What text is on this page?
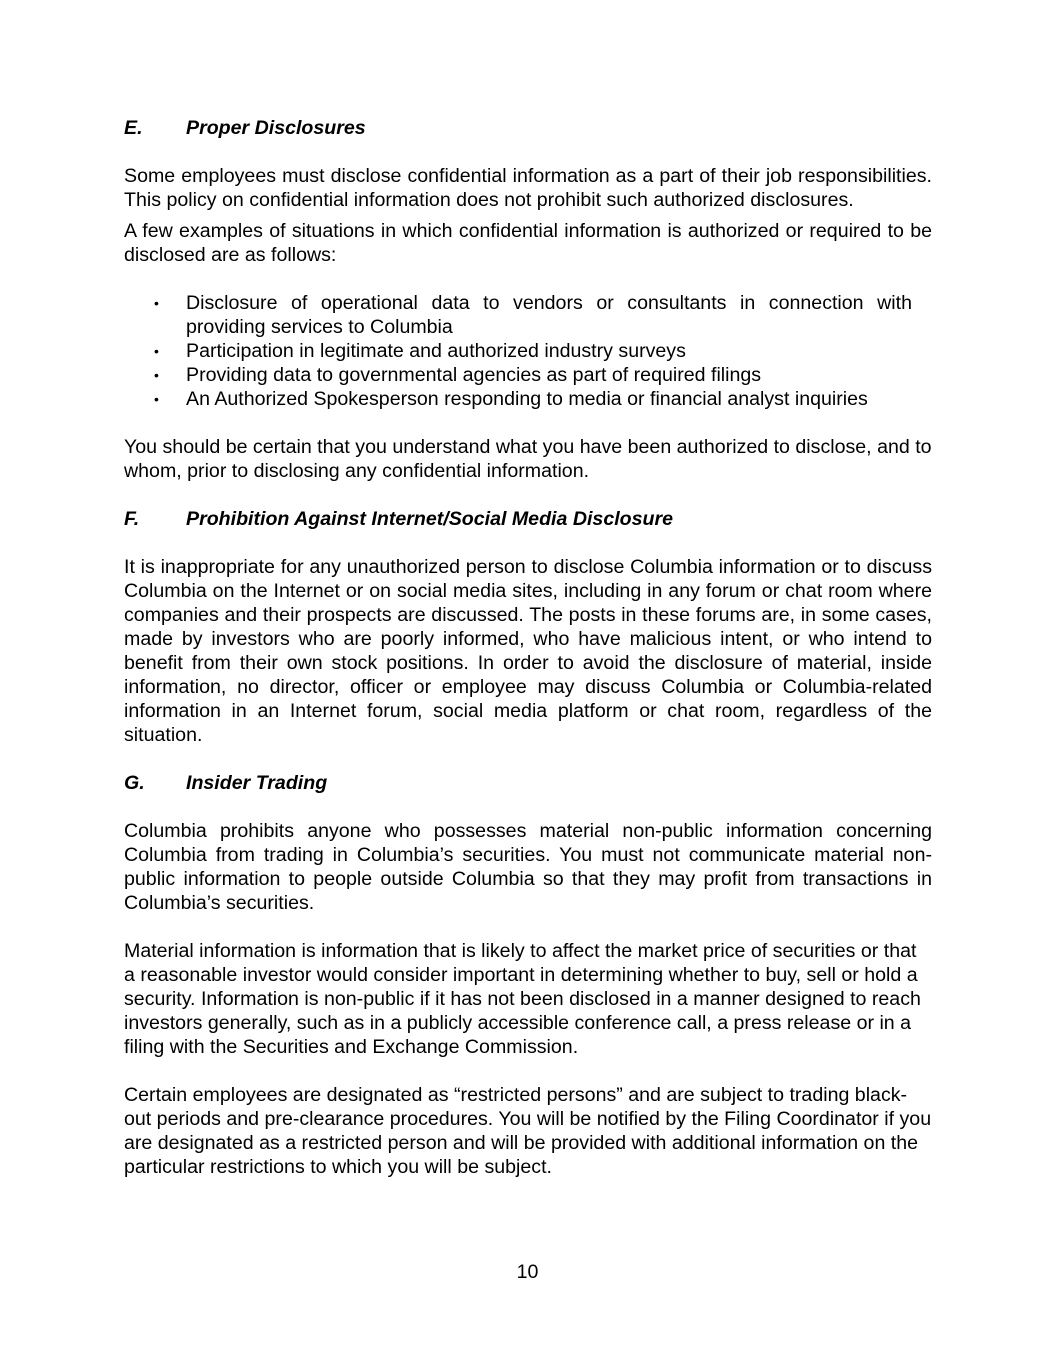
E.	Proper Disclosures

Some employees must disclose confidential information as a part of their job responsibilities. This policy on confidential information does not prohibit such authorized disclosures.

A few examples of situations in which confidential information is authorized or required to be disclosed are as follows:

• Disclosure of operational data to vendors or consultants in connection with providing services to Columbia
• Participation in legitimate and authorized industry surveys
• Providing data to governmental agencies as part of required filings
• An Authorized Spokesperson responding to media or financial analyst inquiries

You should be certain that you understand what you have been authorized to disclose, and to whom, prior to disclosing any confidential information.

F.	Prohibition Against Internet/Social Media Disclosure

It is inappropriate for any unauthorized person to disclose Columbia information or to discuss Columbia on the Internet or on social media sites, including in any forum or chat room where companies and their prospects are discussed. The posts in these forums are, in some cases, made by investors who are poorly informed, who have malicious intent, or who intend to benefit from their own stock positions. In order to avoid the disclosure of material, inside information, no director, officer or employee may discuss Columbia or Columbia-related information in an Internet forum, social media platform or chat room, regardless of the situation.

G.	Insider Trading

Columbia prohibits anyone who possesses material non-public information concerning Columbia from trading in Columbia’s securities. You must not communicate material non-public information to people outside Columbia so that they may profit from transactions in Columbia’s securities.

Material information is information that is likely to affect the market price of securities or that a reasonable investor would consider important in determining whether to buy, sell or hold a security. Information is non-public if it has not been disclosed in a manner designed to reach investors generally, such as in a publicly accessible conference call, a press release or in a filing with the Securities and Exchange Commission.

Certain employees are designated as “restricted persons” and are subject to trading black-out periods and pre-clearance procedures. You will be notified by the Filing Coordinator if you are designated as a restricted person and will be provided with additional information on the particular restrictions to which you will be subject.

10
